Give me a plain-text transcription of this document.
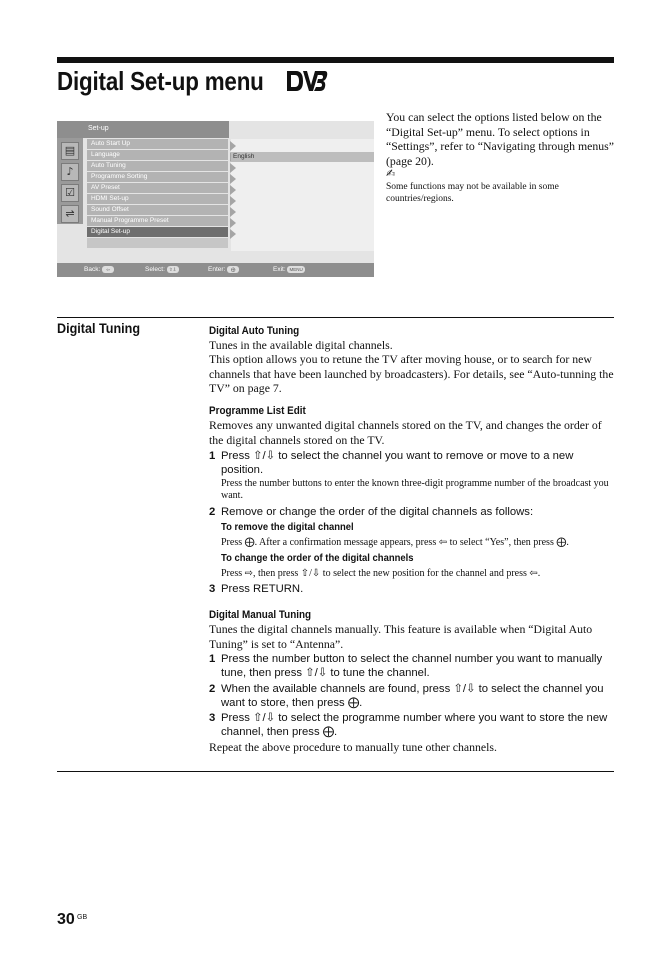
Digital Set-up menu
Set-up
▤
♪
☑
⇌
Auto Start Up
Language
Auto Tuning
Programme Sorting
AV Preset
HDMI Set-up
Sound Offset
Manual Programme Preset
Digital Set-up
English
Back: ⇦	Select: ⇧⇩	Enter: ⨁	Exit: MENU
You can select the options listed below on the “Digital Set-up” menu. To select options in “Settings”, refer to “Navigating through menus” (page 20).
✍
Some functions may not be available in some countries/regions.
Digital Tuning	Digital Auto Tuning
Tunes in the available digital channels.
This option allows you to retune the TV after moving house, or to search for new channels that have been launched by broadcasters). For details, see “Auto-tunning the TV” on page 7.
Programme List Edit
Removes any unwanted digital channels stored on the TV, and changes the order of the digital channels stored on the TV.
1 Press ⇧/⇩ to select the channel you want to remove or move to a new position.
Press the number buttons to enter the known three-digit programme number of the broadcast you want.
2 Remove or change the order of the digital channels as follows:
To remove the digital channel
Press ⨁. After a confirmation message appears, press ⇦ to select “Yes”, then press ⨁.
To change the order of the digital channels
Press ⇨, then press ⇧/⇩ to select the new position for the channel and press ⇦.
3 Press RETURN.
Digital Manual Tuning
Tunes the digital channels manually. This feature is available when “Digital Auto Tuning” is set to “Antenna”.
1 Press the number button to select the channel number you want to manually tune, then press ⇧/⇩ to tune the channel.
2 When the available channels are found, press ⇧/⇩ to select the channel you want to store, then press ⨁.
3 Press ⇧/⇩ to select the programme number where you want to store the new channel, then press ⨁.
Repeat the above procedure to manually tune other channels.
30 GB
